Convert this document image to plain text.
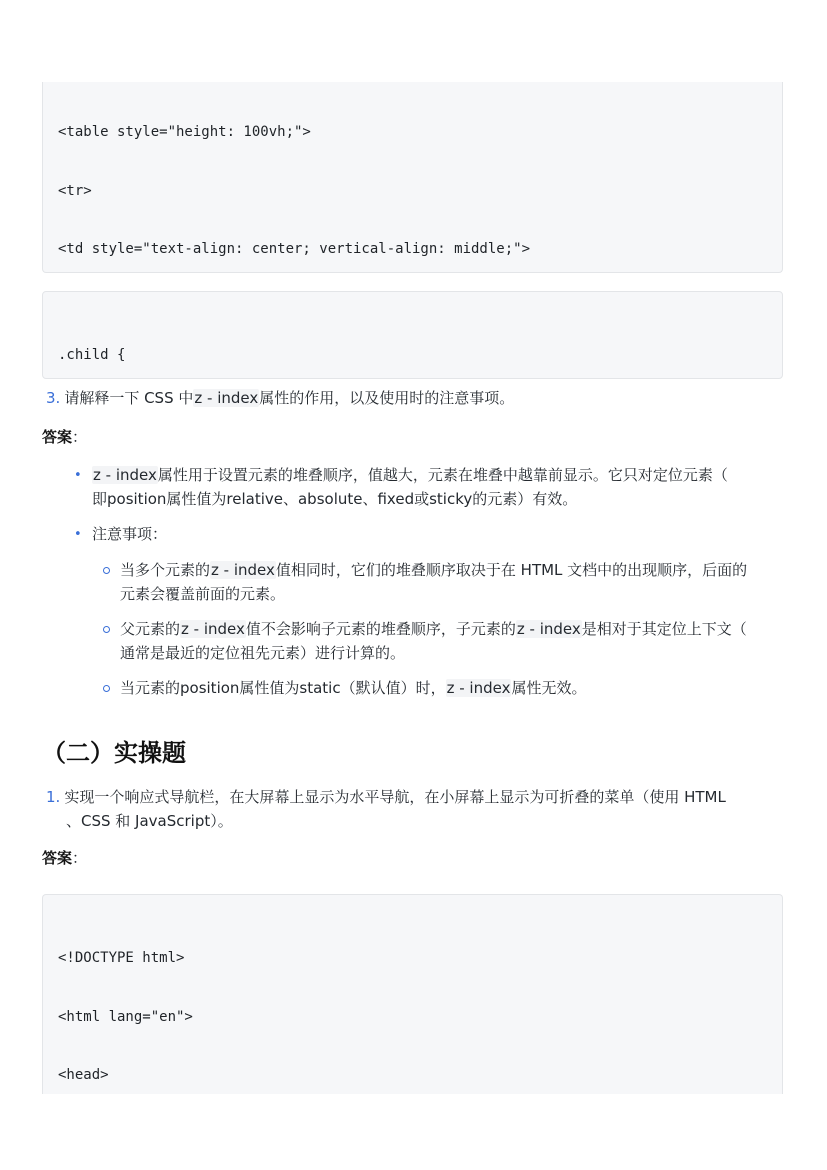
<table style="height: 100vh;">

<tr>

<td style="text-align: center; vertical-align: middle;">

.child {

3. 请解释一下 CSS 中z - index属性的作用，以及使用时的注意事项。
答案：
• z - index属性用于设置元素的堆叠顺序，值越大，元素在堆叠中越靠前显示。它只对定位元素（
即position属性值为relative、absolute、fixed或sticky的元素）有效。
• 注意事项：
当多个元素的z - index值相同时，它们的堆叠顺序取决于在 HTML 文档中的出现顺序，后面的
元素会覆盖前面的元素。
父元素的z - index值不会影响子元素的堆叠顺序，子元素的z - index是相对于其定位上下文（
通常是最近的定位祖先元素）进行计算的。
当元素的position属性值为static（默认值）时，z - index属性无效。
（二）实操题
1. 实现一个响应式导航栏，在大屏幕上显示为水平导航，在小屏幕上显示为可折叠的菜单（使用 HTML
、CSS 和 JavaScript）。
答案：

<!DOCTYPE html>

<html lang="en">

<head>
